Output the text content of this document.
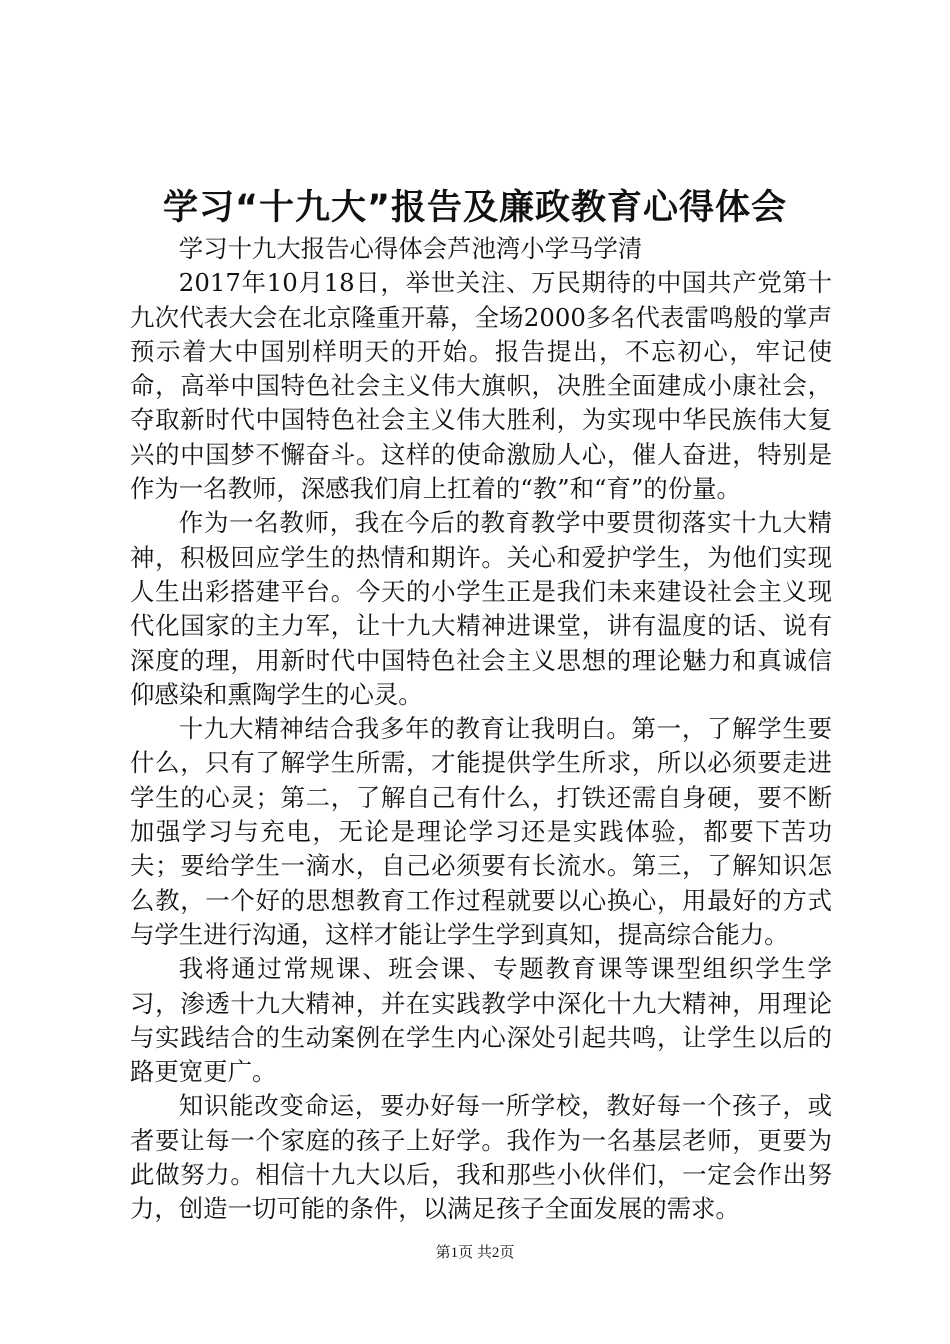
学习“十九大”报告及廉政教育心得体会

学习十九大报告心得体会芦池湾小学马学清

2017年10月18日，举世关注、万民期待的中国共产党第十九次代表大会在北京隆重开幕，全场2000多名代表雷鸣般的掌声预示着大中国别样明天的开始。报告提出，不忘初心，牢记使命，高举中国特色社会主义伟大旗帜，决胜全面建成小康社会，夺取新时代中国特色社会主义伟大胜利，为实现中华民族伟大复兴的中国梦不懈奋斗。这样的使命激励人心，催人奋进，特别是作为一名教师，深感我们肩上扛着的“教”和“育”的份量。

作为一名教师，我在今后的教育教学中要贯彻落实十九大精神，积极回应学生的热情和期许。关心和爱护学生，为他们实现人生出彩搭建平台。今天的小学生正是我们未来建设社会主义现代化国家的主力军，让十九大精神进课堂，讲有温度的话、说有深度的理，用新时代中国特色社会主义思想的理论魅力和真诚信仰感染和熏陶学生的心灵。

十九大精神结合我多年的教育让我明白。第一，了解学生要什么，只有了解学生所需，才能提供学生所求，所以必须要走进学生的心灵；第二，了解自己有什么，打铁还需自身硬，要不断加强学习与充电，无论是理论学习还是实践体验，都要下苦功夫；要给学生一滴水，自己必须要有长流水。第三，了解知识怎么教，一个好的思想教育工作过程就要以心换心，用最好的方式与学生进行沟通，这样才能让学生学到真知，提高综合能力。

我将通过常规课、班会课、专题教育课等课型组织学生学习，渗透十九大精神，并在实践教学中深化十九大精神，用理论与实践结合的生动案例在学生内心深处引起共鸣，让学生以后的路更宽更广。

知识能改变命运，要办好每一所学校，教好每一个孩子，或者要让每一个家庭的孩子上好学。我作为一名基层老师，更要为此做努力。相信十九大以后，我和那些小伙伴们，一定会作出努力，创造一切可能的条件，以满足孩子全面发展的需求。

第1页 共2页
